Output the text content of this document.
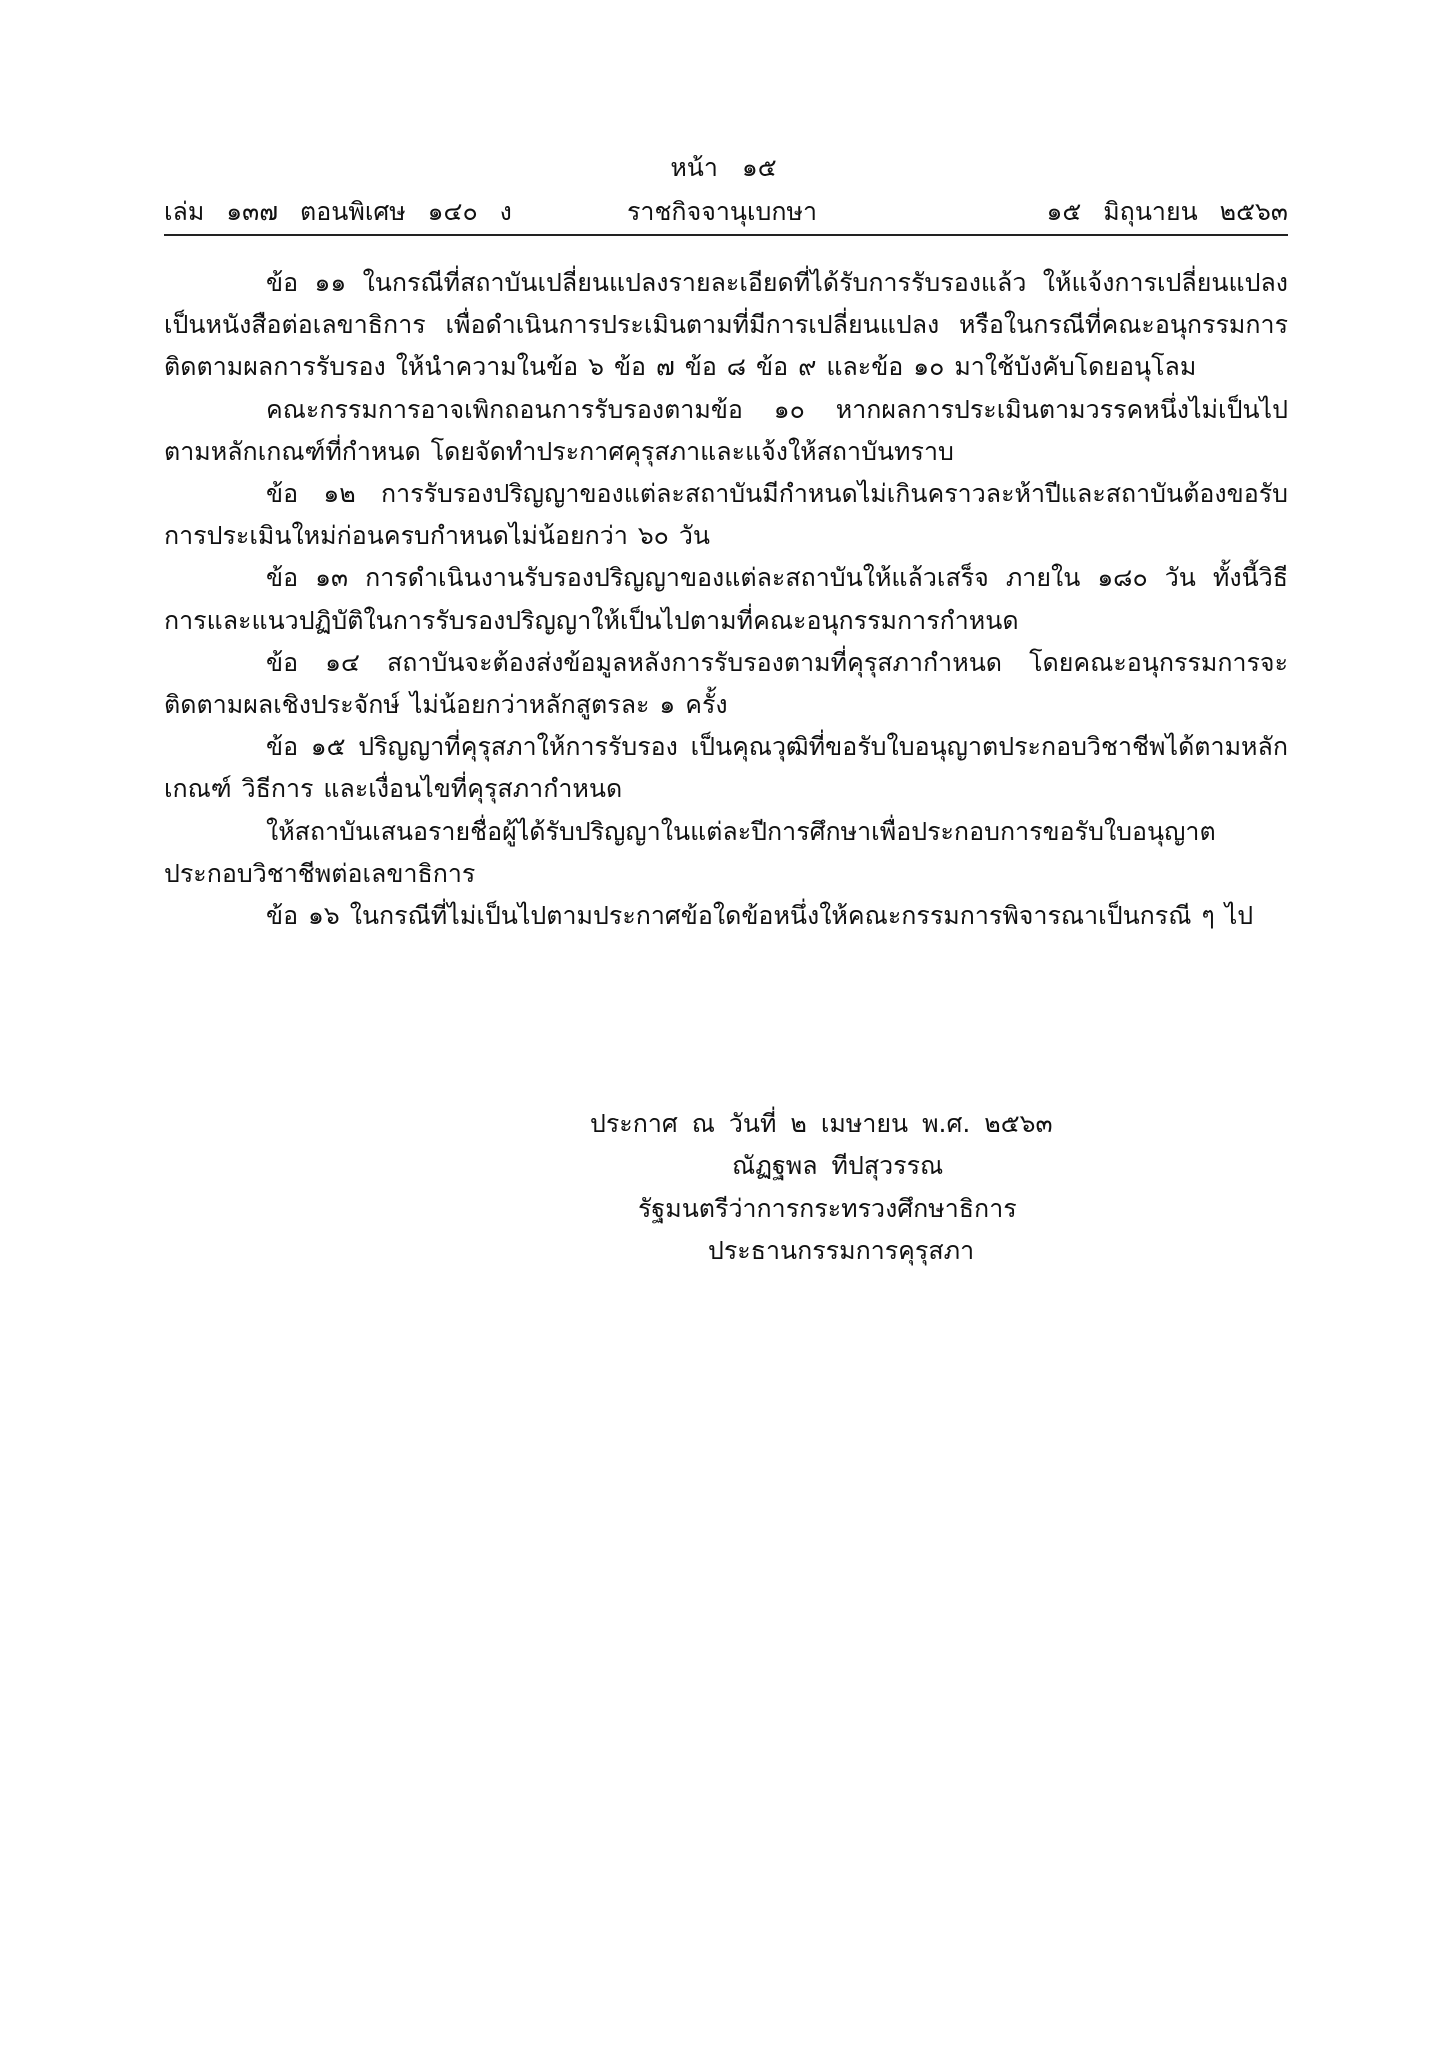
หน้า ๑๕
เล่ม ๑๓๗ ตอนพิเศษ ๑๔๐ ง	ราชกิจจานุเบกษา	๑๕ มิถุนายน ๒๕๖๓

ข้อ ๑๑ ในกรณีที่สถาบันเปลี่ยนแปลงรายละเอียดที่ได้รับการรับรองแล้ว ให้แจ้งการเปลี่ยนแปลงเป็นหนังสือต่อเลขาธิการ เพื่อดำเนินการประเมินตามที่มีการเปลี่ยนแปลง หรือในกรณีที่คณะอนุกรรมการติดตามผลการรับรอง ให้นำความในข้อ ๖ ข้อ ๗ ข้อ ๘ ข้อ ๙ และข้อ ๑๐ มาใช้บังคับโดยอนุโลม

คณะกรรมการอาจเพิกถอนการรับรองตามข้อ ๑๐ หากผลการประเมินตามวรรคหนึ่งไม่เป็นไปตามหลักเกณฑ์ที่กำหนด โดยจัดทำประกาศคุรุสภาและแจ้งให้สถาบันทราบ

ข้อ ๑๒ การรับรองปริญญาของแต่ละสถาบันมีกำหนดไม่เกินคราวละห้าปีและสถาบันต้องขอรับการประเมินใหม่ก่อนครบกำหนดไม่น้อยกว่า ๖๐ วัน

ข้อ ๑๓ การดำเนินงานรับรองปริญญาของแต่ละสถาบันให้แล้วเสร็จ ภายใน ๑๘๐ วัน ทั้งนี้วิธีการและแนวปฏิบัติในการรับรองปริญญาให้เป็นไปตามที่คณะอนุกรรมการกำหนด

ข้อ ๑๔ สถาบันจะต้องส่งข้อมูลหลังการรับรองตามที่คุรุสภากำหนด โดยคณะอนุกรรมการจะติดตามผลเชิงประจักษ์ ไม่น้อยกว่าหลักสูตรละ ๑ ครั้ง

ข้อ ๑๕ ปริญญาที่คุรุสภาให้การรับรอง เป็นคุณวุฒิที่ขอรับใบอนุญาตประกอบวิชาชีพได้ตามหลักเกณฑ์ วิธีการ และเงื่อนไขที่คุรุสภากำหนด

ให้สถาบันเสนอรายชื่อผู้ได้รับปริญญาในแต่ละปีการศึกษาเพื่อประกอบการขอรับใบอนุญาตประกอบวิชาชีพต่อเลขาธิการ

ข้อ ๑๖ ในกรณีที่ไม่เป็นไปตามประกาศข้อใดข้อหนึ่งให้คณะกรรมการพิจารณาเป็นกรณี ๆ ไป

ประกาศ ณ วันที่ ๒ เมษายน พ.ศ. ๒๕๖๓
ณัฏฐพล ทีปสุวรรณ
รัฐมนตรีว่าการกระทรวงศึกษาธิการ
ประธานกรรมการคุรุสภา
